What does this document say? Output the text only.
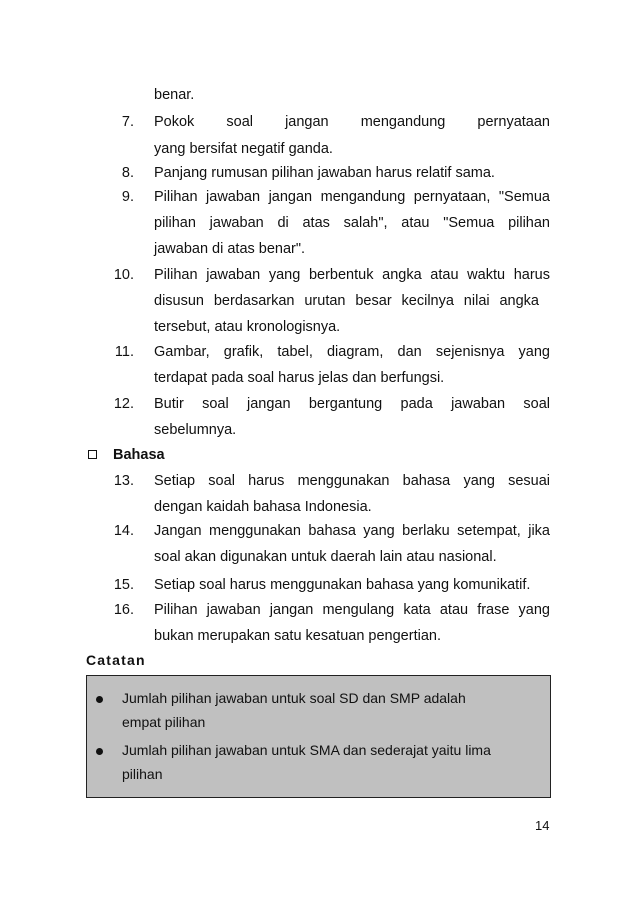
benar.
7. Pokok soal jangan mengandung pernyataan
yang bersifat negatif ganda.
8. Panjang rumusan pilihan jawaban harus relatif sama.
9. Pilihan jawaban jangan mengandung pernyataan, "Semua
pilihan jawaban di atas salah", atau "Semua pilihan
jawaban di atas benar".
10. Pilihan jawaban yang berbentuk angka atau waktu harus
disusun berdasarkan urutan besar kecilnya nilai angka
tersebut, atau kronologisnya.
11. Gambar, grafik, tabel, diagram, dan sejenisnya yang
terdapat pada soal harus jelas dan berfungsi.
12. Butir soal jangan bergantung pada jawaban soal
sebelumnya.
Bahasa
13. Setiap soal harus menggunakan bahasa yang sesuai
dengan kaidah bahasa Indonesia.
14. Jangan menggunakan bahasa yang berlaku setempat, jika
soal akan digunakan untuk daerah lain atau nasional.
15. Setiap soal harus menggunakan bahasa yang komunikatif.
16. Pilihan jawaban jangan mengulang kata atau frase yang
bukan merupakan satu kesatuan pengertian.
Catatan
Jumlah pilihan jawaban untuk soal SD dan SMP adalah
empat pilihan
Jumlah pilihan jawaban untuk SMA dan sederajat yaitu lima
pilihan
14
